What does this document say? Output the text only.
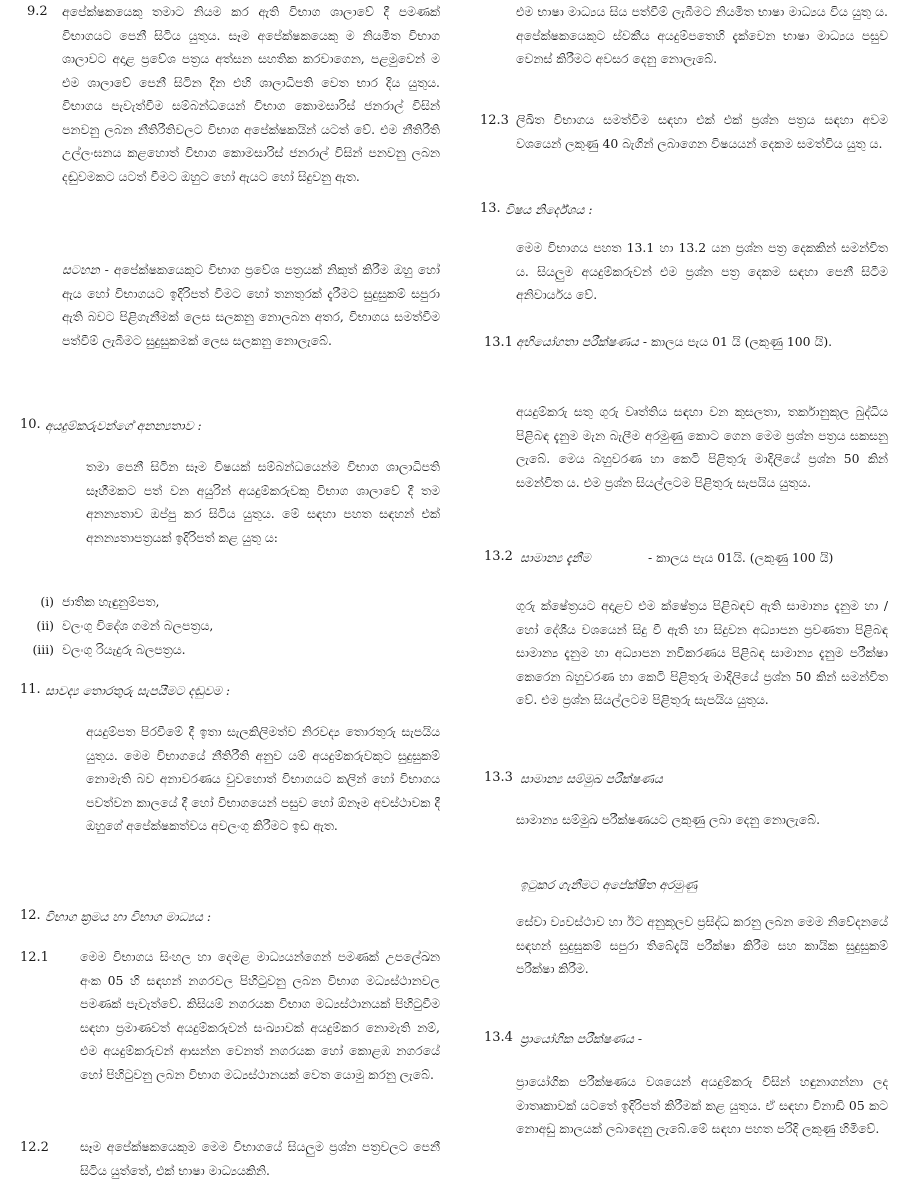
9.2 අපේක්ෂකයෙකු තමාට නියම කර ඇති විභාග ශාලාවේ දී පමණක් විභාගයට පෙනී සිටිය යුතුය. සෑම අපේක්ෂකයෙකු ම නියමිත විභාග ශාලාවට අදාළ ප්‍රවේශ පත්‍රය අත්සන සහතික කරවාගෙන, පළමුවෙන් ම එම ශාලාවේ පෙනී සිටින දින එහි ශාලාධිපති වෙත භාර දිය යුතුය. විභාගය පැවැත්වීම සම්බන්ධයෙන් විභාග කොමසාරිස් ජනරාල් විසින් පනවනු ලබන නීතිරීතිවලට විභාග අපේක්ෂකයින් යටත් වේ. එම නීතිරීති උල්ලංඝනය කළහොත් විභාග කොමසාරිස් ජනරාල් විසින් පනවනු ලබන දඬුවමකට යටත් වීමට ඔහුට හෝ ඇයට හෝ සිදුවනු ඇත.
සටහන - අපේක්ෂකයෙකුට විභාග ප්‍රවේශ පත්‍රයක් නිකුත් කිරීම ඔහු හෝ ඇය හෝ විභාගයට ඉදිරිපත් වීමට හෝ තනතුරක් දැරීමට සුදුසුකම් සපුරා ඇති බවට පිළිගැනීමක් ලෙස සලකනු නොලබන අතර, විභාගය සමත්වීම පත්වීම් ලැබීමට සුදුසුකමක් ලෙස සලකනු නොලැබේ.
10. අයදුම්කරුවන්ගේ අනන්‍යතාව :
තමා පෙනී සිටින සෑම විෂයක් සම්බන්ධයෙන්ම විභාග ශාලාධිපති සෑහීමකට පත් වන අයුරින් අයදුම්කරුවකු විභාග ශාලාවේ දී තම අනන්‍යතාව ඔප්පු කර සිටිය යුතුය. මේ සඳහා පහත සඳහන් එක් අනන්‍යතාපත්‍රයක් ඉදිරිපත් කළ යුතු ය:
(i) ජාතික හැඳුනුම්පත,
(ii) වලංගු විදේශ ගමන් බලපත්‍රය,
(iii) වලංගු රියැදුරු බලපත්‍රය.
11. සාවද්‍ය තොරතුරු සැපයීමට දඬුවම :
අයදුම්පත පිරවීමේ දී ඉතා සැලකිලිමත්ව නිරවද්‍ය තොරතුරු සැපයිය යුතුය. මෙම විභාගයේ නීතිරීති අනුව යම් අයදුම්කරුවකුට සුදුසුකම් නොමැති බව අනාවරණය වුවහොත් විභාගයට කලින් හෝ විභාගය පවත්වන කාලයේ දී හෝ විභාගයෙන් පසුව හෝ ඕනෑම අවස්ථාවක දී ඔහුගේ අපේක්ෂකත්වය අවලංගු කිරීමට ඉඩ ඇත.
12. විභාග ක්‍රමය හා විභාග මාධ්‍යය :
12.1	මෙම විභාගය සිංහල හා දෙමළ මාධ්‍යයන්ගෙන් පමණක් උපලේඛන අංක 05 හි සඳහන් නගරවල පිහිටුවනු ලබන විභාග මධ්‍යස්ථානවල පමණක් පැවැත්වේ. කිසියම් නගරයක විභාග මධ්‍යස්ථානයක් පිහිටුවීම සඳහා ප්‍රමාණවත් අයදුම්කරුවන් සංඛ්‍යාවක් අයදුම්කර නොමැති නම්, එම අයදුම්කරුවන් ආසන්න වෙනත් නගරයක හෝ කොළඹ නගරයේ හෝ පිහිටුවනු ලබන විභාග මධ්‍යස්ථානයක් වෙත යොමු කරනු ලැබේ.
12.2	සෑම අපේක්ෂකයෙකුම මෙම විභාගයේ සියලුම ප්‍රශ්න පත්‍රවලට පෙනී සිටිය යුත්තේ, එක් භාෂා මාධ්‍යයකිනි.
එම භාෂා මාධ්‍යය සිය පත්වීම් ලැබීමට නියමිත භාෂා මාධ්‍යය විය යුතු ය. අපේක්ෂකයෙකුට ස්වකීය අයදුම්පතෙහි දැක්වෙන භාෂා මාධ්‍යය පසුව වෙනස් කිරීමට අවසර දෙනු නොලැබේ.
12.3 ලිඛිත විභාගය සමත්වීම සඳහා එක් එක් ප්‍රශ්න පත්‍රය සඳහා අවම වශයෙන් ලකුණු 40 බැගින් ලබාගෙන විෂයයන් දෙකම සමත්විය යුතු ය.
13. විෂය නිර්දේශය :
මෙම විභාගය පහත 13.1 හා 13.2 යන ප්‍රශ්න පත්‍ර දෙකකින් සමන්විත ය. සියලුම අයදුම්කරුවන් එම ප්‍රශ්න පත්‍ර දෙකම සඳහා පෙනී සිටීම අනිවාර්යය වේ.
13.1 අභියෝගතා පරීක්ෂණය - කාලය පැය 01 යි (ලකුණු 100 යි).
අයදුම්කරු සතු ගුරු වෘත්තිය සඳහා වන කුසලතා, තර්කානුකූල බුද්ධිය පිළිබඳ දැනුම මැන බැලීම අරමුණු කොට ගෙන මෙම ප්‍රශ්න පත්‍රය සකසනු ලැබේ. මෙය බහුවරණ හා කෙටි පිළිතුරු මාදිලියේ ප්‍රශ්න 50 කින් සමන්විත ය. එම ප්‍රශ්න සියල්ලටම පිළිතුරු සැපයිය යුතුය.
13.2 සාමාන්‍ය දැනීම	- කාලය පැය 01යි. (ලකුණු 100 යි)
ගුරු ක්ෂේත්‍රයට අදාළව එම ක්ෂේත්‍රය පිළිබඳව ඇති සාමාන්‍ය දැනුම හා / හෝ දේශීය වශයෙන් සිදු වී ඇති හා සිදුවන අධ්‍යාපන ප්‍රවණතා පිළිබඳ සාමාන්‍ය දැනුම හා අධ්‍යාපන නවීකරණය පිළිබඳ සාමාන්‍ය දැනුම පරීක්ෂා කෙරෙන බහුවරණ හා කෙටි පිළිතුරු මාදිලියේ ප්‍රශ්න 50 කින් සමන්විත වේ. එම ප්‍රශ්න සියල්ලටම පිළිතුරු සැපයිය යුතුය.
13.3 සාමාන්‍ය සම්මුඛ පරීක්ෂණය
සාමාන්‍ය සම්මුඛ පරීක්ෂණයට ලකුණු ලබා දෙනු නොලැබේ.
ඉටුකර ගැනීමට අපේක්ෂිත අරමුණු
සේවා ව්‍යවස්ථාව හා ඊට අනුකූලව ප්‍රසිද්ධ කරනු ලබන මෙම නිවේදනයේ සඳහන් සුදුසුකම් සපුරා තිබේදැයි පරීක්ෂා කිරීම සහ කායික සුදුසුකම් පරීක්ෂා කිරීම.
13.4 ප්‍රායෝගික පරීක්ෂණය -
ප්‍රායෝගික පරීක්ෂණය වශයෙන් අයදුම්කරු විසින් හඳුනාගන්නා ලද මාතෘකාවක් යටතේ ඉදිරිපත් කිරීමක් කළ යුතුය. ඒ සඳහා විනාඩි 05 කට නොඅඩු කාලයක් ලබාදෙනු ලැබේ.මේ සඳහා පහත පරිදි ලකුණු හිමිවේ.
